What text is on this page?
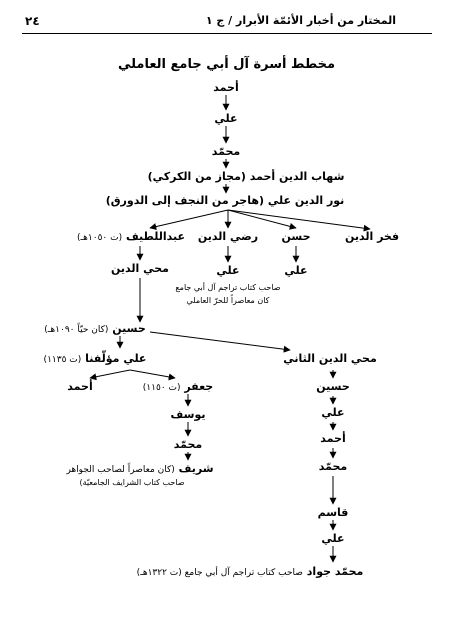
٢٤	المختار من أخبار الأئمّة الأبرار / ج ١
مخطط أسرة آل أبي جامع العاملي
أحمد
علي
محمّد
شهاب الدين أحمد (مجاز من الكركي)
نور الدين علي (هاجر من النجف إلى الدورق)
فخر الدين
حسن
رضي الدين
عبداللطيف (ت ١٠٥٠هـ)
علي
علي
صاحب كتاب تراجم آل أبي جامع
كان معاصراً للحرّ العاملي
محي الدين
حسين (كان حيّاً ١٠٩٠هـ)
علي مؤلّفنا (ت ١١٣٥)	محي الدين الثاني
أحمد	جعفر (ت ١١٥٠)
يوسف
محمّد
شريف (كان معاصراً لصاحب الجواهر
صاحب كتاب الشرايف الجامعيّة)
حسين
علي
أحمد
محمّد
قاسم
علي
محمّد جواد صاحب كتاب تراجم آل أبي جامع (ت ١٣٢٢هـ)
